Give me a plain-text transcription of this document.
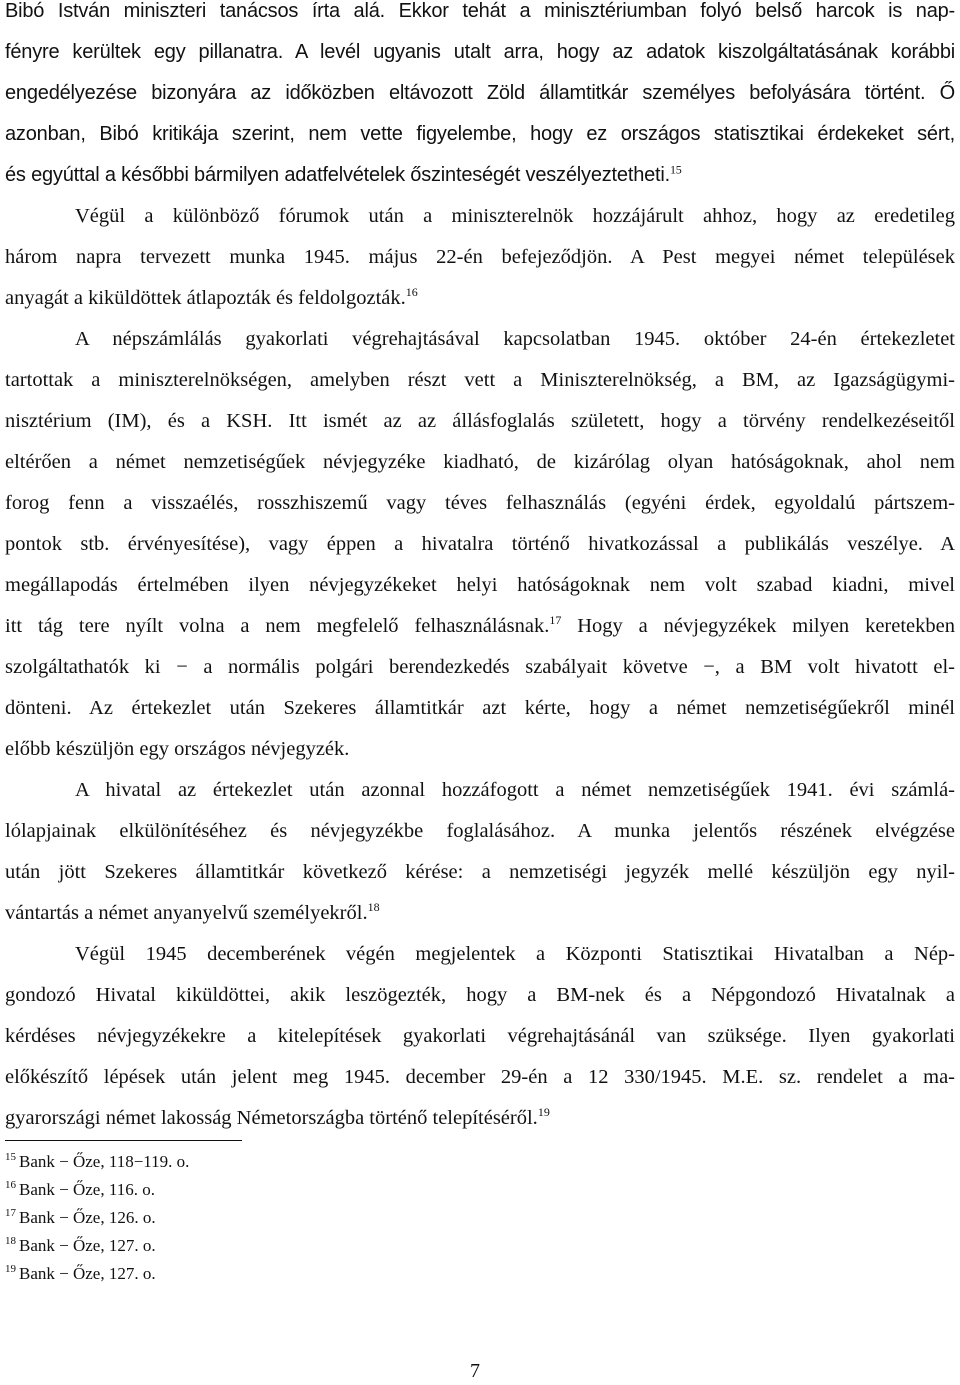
Bibó István miniszteri tanácsos írta alá. Ekkor tehát a minisztériumban folyó belső harcok is nap-
fényre kerültek egy pillanatra. A levél ugyanis utalt arra, hogy az adatok kiszolgáltatásának korábbi
engedélyezése bizonyára az időközben eltávozott Zöld államtitkár személyes befolyására történt. Ő
azonban, Bibó kritikája szerint, nem vette figyelembe, hogy ez országos statisztikai érdekeket sért,
és egyúttal a későbbi bármilyen adatfelvételek őszinteségét veszélyeztetheti.$^{15}$
Végül a különböző fórumok után a miniszterelnök hozzájárult ahhoz, hogy az eredetileg
három napra tervezett munka 1945. május 22-én befejeződjön. A Pest megyei német települések
anyagát a kiküldöttek átlapozták és feldolgozták.$^{16}$
A népszámlálás gyakorlati végrehajtásával kapcsolatban 1945. október 24-én értekezletet
tartottak a miniszterelnökségen, amelyben részt vett a Miniszterelnökség, a BM, az Igazságügymi-
nisztérium (IM), és a KSH. Itt ismét az az állásfoglalás született, hogy a törvény rendelkezéseitől
eltérően a német nemzetiségűek névjegyzéke kiadható, de kizárólag olyan hatóságoknak, ahol nem
forog fenn a visszaélés, rosszhiszemű vagy téves felhasználás (egyéni érdek, egyoldalú pártszem-
pontok stb. érvényesítése), vagy éppen a hivatalra történő hivatkozással a publikálás veszélye. A
megállapodás értelmében ilyen névjegyzékeket helyi hatóságoknak nem volt szabad kiadni, mivel
itt tág tere nyílt volna a nem megfelelő felhasználásnak.$^{17}$ Hogy a névjegyzékek milyen keretekben
szolgáltathatók ki − a normális polgári berendezkedés szabályait követve −, a BM volt hivatott el-
dönteni. Az értekezlet után Szekeres államtitkár azt kérte, hogy a német nemzetiségűekről minél
előbb készüljön egy országos névjegyzék.
A hivatal az értekezlet után azonnal hozzáfogott a német nemzetiségűek 1941. évi számlá-
lólapjainak elkülönítéséhez és névjegyzékbe foglalásához. A munka jelentős részének elvégzése
után jött Szekeres államtitkár következő kérése: a nemzetiségi jegyzék mellé készüljön egy nyil-
vántartás a német anyanyelvű személyekről.$^{18}$
Végül 1945 decemberének végén megjelentek a Központi Statisztikai Hivatalban a Nép-
gondozó Hivatal kiküldöttei, akik leszögezték, hogy a BM-nek és a Népgondozó Hivatalnak a
kérdéses névjegyzékekre a kitelepítések gyakorlati végrehajtásánál van szüksége. Ilyen gyakorlati
előkészítő lépések után jelent meg 1945. december 29-én a 12 330/1945. M.E. sz. rendelet a ma-
gyarországi német lakosság Németországba történő telepítéséről.$^{19}$
$^{15}$ Bank − Őze, 118−119. o.
$^{16}$ Bank − Őze, 116. o.
$^{17}$ Bank − Őze, 126. o.
$^{18}$ Bank − Őze, 127. o.
$^{19}$ Bank − Őze, 127. o.
7
